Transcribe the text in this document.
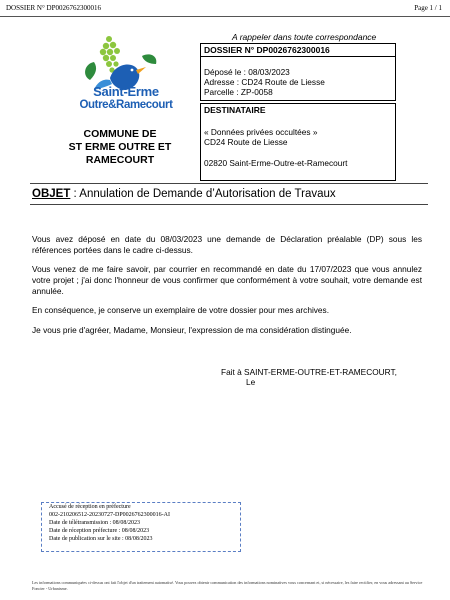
DOSSIER N° DP0026762300016	Page 1 / 1
Saint-Erme
Outre&Ramecourt
COMMUNE DE
ST ERME OUTRE ET
RAMECOURT
A rappeler dans toute correspondance
DOSSIER N° DP0026762300016
Déposé le : 08/03/2023
Adresse : CD24 Route de Liesse
Parcelle : ZP-0058
DESTINATAIRE
« Données privées occultées »
CD24 Route de Liesse
02820 Saint-Erme-Outre-et-Ramecourt
OBJET : Annulation de Demande d’Autorisation de Travaux
Vous avez déposé en date du 08/03/2023 une demande de Déclaration préalable (DP) sous les références portées dans le cadre ci-dessus.
Vous venez de me faire savoir, par courrier en recommandé en date du 17/07/2023 que vous annulez votre projet ; j'ai donc l'honneur de vous confirmer que conformément à votre souhait, votre demande est annulée.
En conséquence, je conserve un exemplaire de votre dossier pour mes archives.
Je vous prie d'agréer, Madame, Monsieur, l'expression de ma considération distinguée.
Fait à SAINT-ERME-OUTRE-ET-RAMECOURT,
Le
Accusé de réception en préfecture
002-210206512-20230727-DP0026762300016-AI
Date de télétransmission : 08/08/2023
Date de réception préfecture : 08/08/2023
Date de publication sur le site : 08/08/2023
Les informations communiquées ci-dessus ont fait l'objet d'un traitement automatisé. Vous pouvez obtenir communication des informations nominatives vous concernant et, si nécessaire, les faire rectifier, en vous adressant au Service Foncier - Urbanisme.
